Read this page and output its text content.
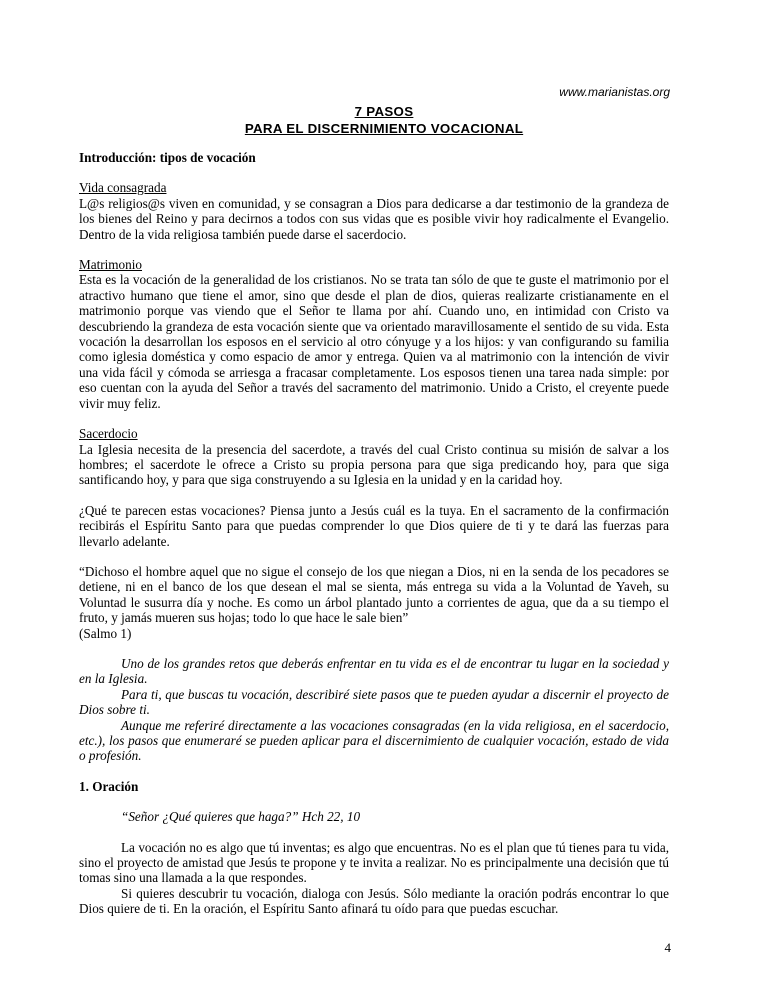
www.marianistas.org
7 PASOS
PARA EL DISCERNIMIENTO VOCACIONAL

Introducción: tipos de vocación

Vida consagrada

L@s religios@s viven en comunidad, y se consagran a Dios para dedicarse a dar testimonio de la grandeza de los bienes del Reino y para decirnos a todos con sus vidas que es posible vivir hoy radicalmente el Evangelio. Dentro de la vida religiosa también puede darse el sacerdocio.

Matrimonio

Esta es la vocación de la generalidad de los cristianos. No se trata tan sólo de que te guste el matrimonio por el atractivo humano que tiene el amor, sino que desde el plan de dios, quieras realizarte cristianamente en el matrimonio porque vas viendo que el Señor te llama por ahí. Cuando uno, en intimidad con Cristo va descubriendo la grandeza de esta vocación siente que va orientado maravillosamente el sentido de su vida. Esta vocación la desarrollan los esposos en el servicio al otro cónyuge y a los hijos: y van configurando su familia como iglesia doméstica y como espacio de amor y entrega. Quien va al matrimonio con la intención de vivir una vida fácil y cómoda se arriesga a fracasar completamente. Los esposos tienen una tarea nada simple: por eso cuentan con la ayuda del Señor a través del sacramento del matrimonio. Unido a Cristo, el creyente puede vivir muy feliz.

Sacerdocio

La Iglesia necesita de la presencia del sacerdote, a través del cual Cristo continua su misión de salvar a los hombres; el sacerdote le ofrece a Cristo su propia persona para que siga predicando hoy, para que siga santificando hoy, y para que siga construyendo a su Iglesia en la unidad y en la caridad hoy.

¿Qué te parecen estas vocaciones? Piensa junto a Jesús cuál es la tuya. En el sacramento de la confirmación recibirás el Espíritu Santo para que puedas comprender lo que Dios quiere de ti y te dará las fuerzas para llevarlo adelante.

“Dichoso el hombre aquel que no sigue el consejo de los que niegan a Dios, ni en la senda de los pecadores se detiene, ni en el banco de los que desean el mal se sienta, más entrega su vida a la Voluntad de Yaveh, su Voluntad le susurra día y noche. Es como un árbol plantado junto a corrientes de agua, que da a su tiempo el fruto, y jamás mueren sus hojas; todo lo que hace le sale bien”

(Salmo 1)

Uno de los grandes retos que deberás enfrentar en tu vida es el de encontrar tu lugar en la sociedad y en la Iglesia.

Para ti, que buscas tu vocación, describiré siete pasos que te pueden ayudar a discernir el proyecto de Dios sobre ti.

Aunque me referiré directamente a las vocaciones consagradas (en la vida religiosa, en el sacerdocio, etc.), los pasos que enumeraré se pueden aplicar para el discernimiento de cualquier vocación, estado de vida o profesión.

1. Oración

“Señor ¿Qué quieres que haga?” Hch 22, 10

La vocación no es algo que tú inventas; es algo que encuentras. No es el plan que tú tienes para tu vida, sino el proyecto de amistad que Jesús te propone y te invita a realizar. No es principalmente una decisión que tú tomas sino una llamada a la que respondes.

Si quieres descubrir tu vocación, dialoga con Jesús. Sólo mediante la oración podrás encontrar lo que Dios quiere de ti. En la oración, el Espíritu Santo afinará tu oído para que puedas escuchar.

4
